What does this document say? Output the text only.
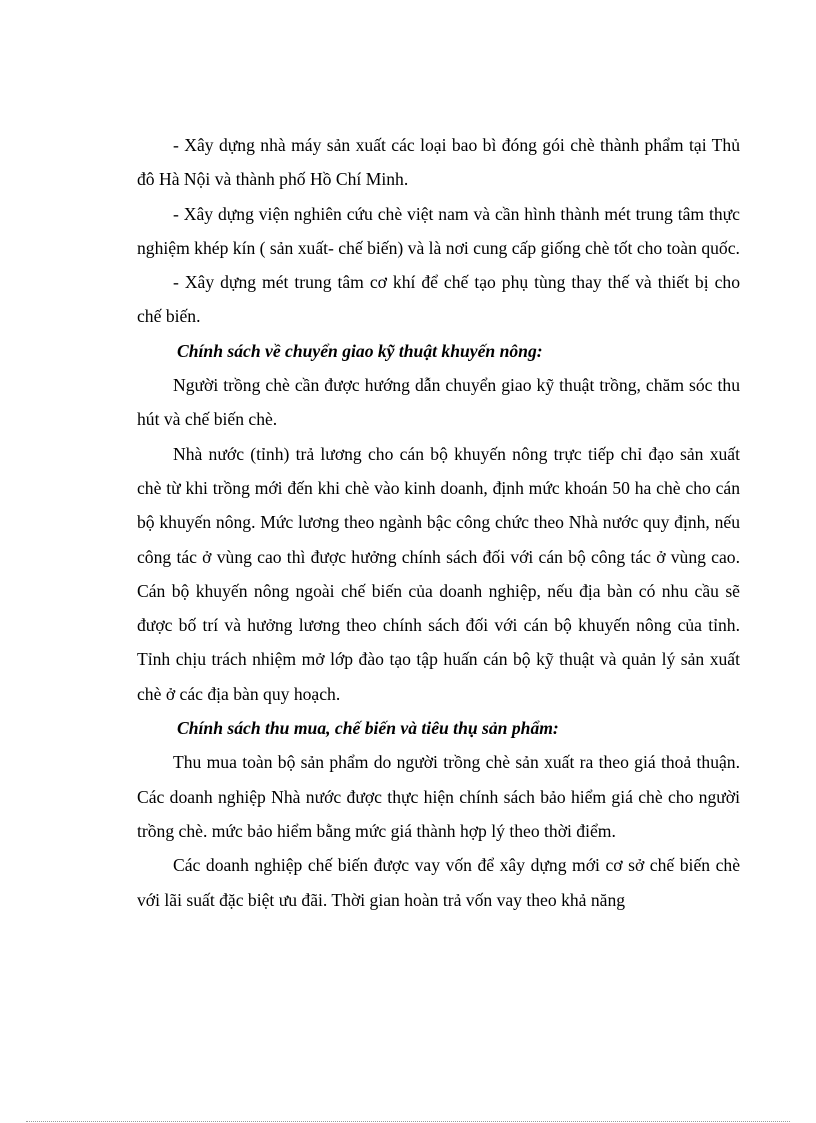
- Xây dựng nhà máy sản xuất các loại bao bì đóng gói chè thành phẩm tại Thủ đô Hà Nội và thành phố Hồ Chí Minh.

- Xây dựng viện nghiên cứu chè việt nam và cần hình thành mét trung tâm thực nghiệm khép kín ( sản xuất- chế biến) và là nơi cung cấp giống chè tốt cho toàn quốc.

- Xây dựng mét trung tâm cơ khí để chế tạo phụ tùng thay thế và thiết bị cho chế biến.

Chính sách về chuyển giao kỹ thuật khuyến nông:

Người trồng chè cần được hướng dẫn chuyển giao kỹ thuật trồng, chăm sóc thu hút và chế biến chè.

Nhà nước (tỉnh) trả lương cho cán bộ khuyến nông trực tiếp chỉ đạo sản xuất chè từ khi trồng mới đến khi chè vào kinh doanh, định mức khoán 50 ha chè cho cán bộ khuyến nông. Mức lương theo ngành bậc công chức theo Nhà nước quy định, nếu công tác ở vùng cao thì được hưởng chính sách đối với cán bộ công tác ở vùng cao. Cán bộ khuyến nông ngoài chế biến của doanh nghiệp, nếu địa bàn có nhu cầu sẽ được bố trí và hưởng lương theo chính sách đối với cán bộ khuyến nông của tỉnh. Tỉnh chịu trách nhiệm mở lớp đào tạo tập huấn cán bộ kỹ thuật và quản lý sản xuất chè ở các địa bàn quy hoạch.

Chính sách thu mua, chế biến và tiêu thụ sản phẩm:

Thu mua toàn bộ sản phẩm do người trồng chè sản xuất ra theo giá thoả thuận. Các doanh nghiệp Nhà nước được thực hiện chính sách bảo hiểm giá chè cho người trồng chè. mức bảo hiểm bằng mức giá thành hợp lý theo thời điểm.

Các doanh nghiệp chế biến được vay vốn để xây dựng mới cơ sở chế biến chè với lãi suất đặc biệt ưu đãi. Thời gian hoàn trả vốn vay theo khả năng
